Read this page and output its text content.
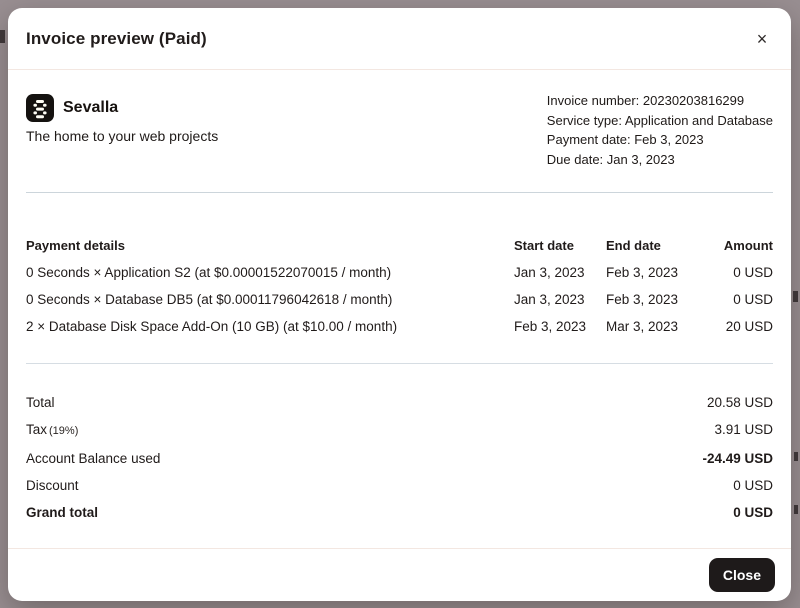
Invoice preview (Paid)	×
Sevalla
The home to your web projects
Invoice number: 20230203816299
Service type: Application and Database
Payment date: Feb 3, 2023
Due date: Jan 3, 2023
Payment details	Start date	End date	Amount
0 Seconds × Application S2 (at $0.00001522070015 / month)	Jan 3, 2023	Feb 3, 2023	0 USD
0 Seconds × Database DB5 (at $0.00011796042618 / month)	Jan 3, 2023	Feb 3, 2023	0 USD
2 × Database Disk Space Add-On (10 GB) (at $10.00 / month)	Feb 3, 2023	Mar 3, 2023	20 USD
Total	20.58 USD
Tax (19%)	3.91 USD
Account Balance used	-24.49 USD
Discount	0 USD
Grand total	0 USD
Close
